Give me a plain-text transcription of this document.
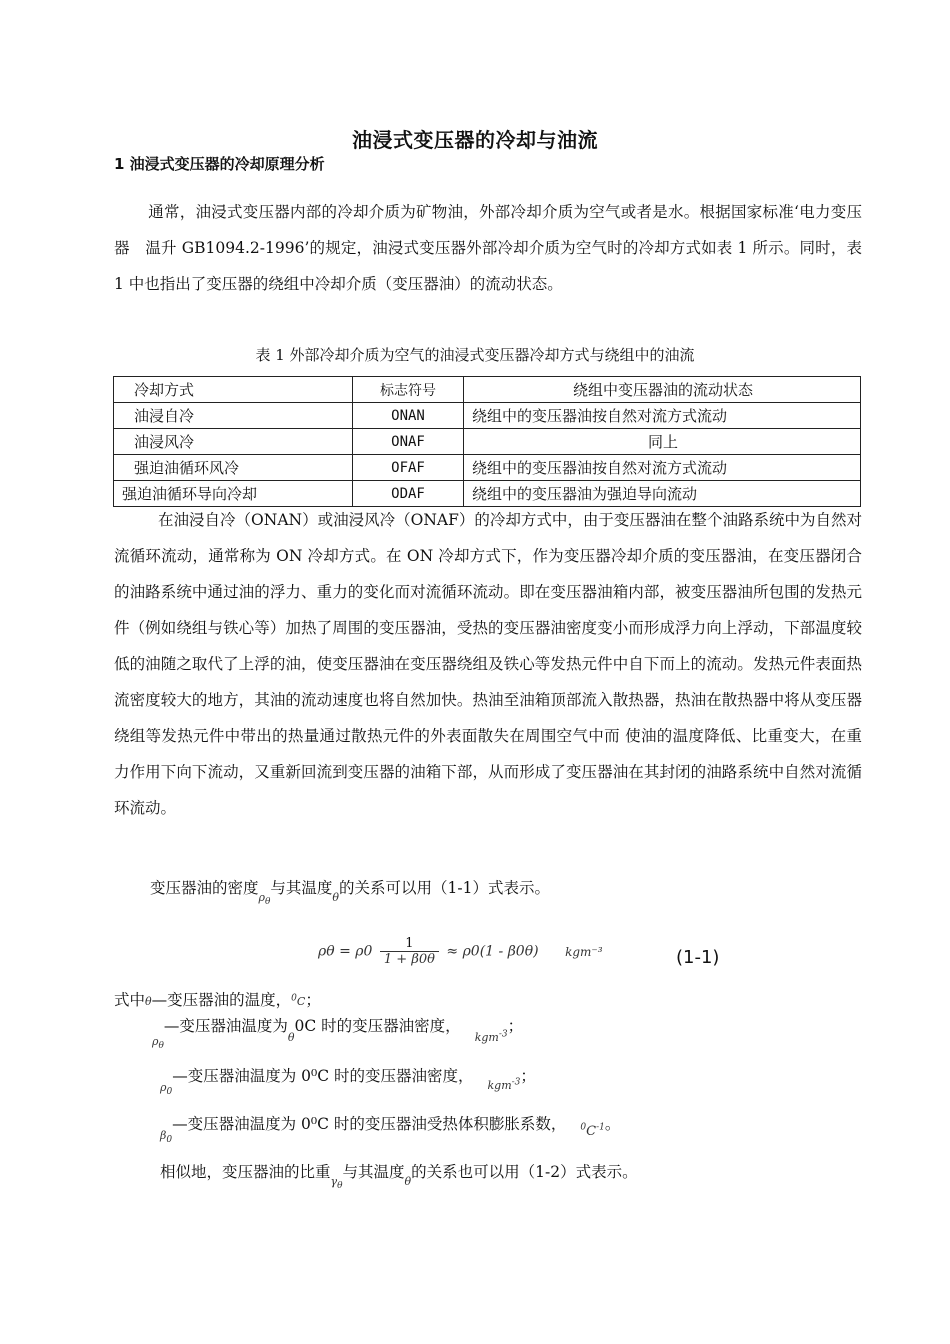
油浸式变压器的冷却与油流
1 油浸式变压器的冷却原理分析
通常，油浸式变压器内部的冷却介质为矿物油，外部冷却介质为空气或者是水。根据国家标准‘电力变压器　温升 GB1094.2-1996’的规定，油浸式变压器外部冷却介质为空气时的冷却方式如表 1 所示。同时，表 1 中也指出了变压器的绕组中冷却介质（变压器油）的流动状态。
表 1 外部冷却介质为空气的油浸式变压器冷却方式与绕组中的油流
冷却方式	标志符号	绕组中变压器油的流动状态
油浸自冷	ONAN	绕组中的变压器油按自然对流方式流动
油浸风冷	ONAF	同上
强迫油循环风冷	OFAF	绕组中的变压器油按自然对流方式流动
强迫油循环导向冷却	ODAF	绕组中的变压器油为强迫导向流动
在油浸自冷（ONAN）或油浸风冷（ONAF）的冷却方式中，由于变压器油在整个油路系统中为自然对流循环流动，通常称为 ON 冷却方式。在 ON 冷却方式下，作为变压器冷却介质的变压器油，在变压器闭合的油路系统中通过油的浮力、重力的变化而对流循环流动。即在变压器油箱内部，被变压器油所包围的发热元件（例如绕组与铁心等）加热了周围的变压器油，受热的变压器油密度变小而形成浮力向上浮动，下部温度较低的油随之取代了上浮的油，使变压器油在变压器绕组及铁心等发热元件中自下而上的流动。发热元件表面热流密度较大的地方，其油的流动速度也将自然加快。热油至油箱顶部流入散热器，热油在散热器中将从变压器绕组等发热元件中带出的热量通过散热元件的外表面散失在周围空气中而 使油的温度降低、比重变大，在重力作用下向下流动，又重新回流到变压器的油箱下部，从而形成了变压器油在其封闭的油路系统中自然对流循环流动。
变压器油的密度$_{\rho_\theta}$与其温度$_\theta$的关系可以用（1-1）式表示。
$\rho\theta = \rho 0 \frac{1}{1 + \beta 0\theta} \approx \rho 0(1 - \beta 0\theta)$ kgm⁻³	(1-1)
式中θ—变压器油的温度，$^0$C；
$_{\rho_\theta}$—变压器油温度为$_\theta$0C 时的变压器油密度，$_{kgm^{-3}}$；
$_{\rho_0}$—变压器油温度为 0⁰C 时的变压器油密度，$_{kgm^{-3}}$；
$_{\beta_0}$—变压器油温度为 0⁰C 时的变压器油受热体积膨胀系数， $_{^0C^{-1}}$。
相似地，变压器油的比重$_{\gamma_\theta}$与其温度$_\theta$的关系也可以用（1-2）式表示。
